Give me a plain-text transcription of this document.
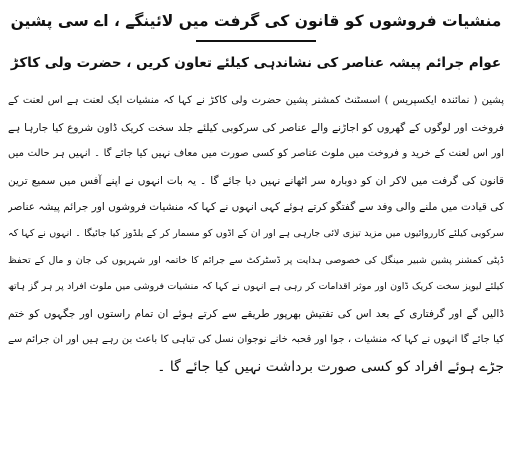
منشیات فروشوں کو قانون کی گرفت میں لائینگے ، اے سی پشین
عوام جرائم پیشہ عناصر کی نشاندہی کیلئے تعاون کریں ، حضرت ولی کاکڑ
پشین ( نمائندہ ایکسپریس ) اسسٹنٹ کمشنر پشین حضرت ولی کاکڑ نے کہا کہ منشیات ایک لعنت ہے اس لعنت کے
فروخت اور لوگوں کے گھروں کو اجاڑنے والے عناصر کی سرکوبی کیلئے جلد سخت کریک ڈاون شروع کیا جارہا ہے
اور اس لعنت کے خرید و فروخت میں ملوث عناصر کو کسی صورت میں معاف نہیں کیا جائے گا ۔ انہیں ہر حالت میں
قانون کی گرفت میں لاکر ان کو دوبارہ سر اٹھانے نہیں دیا جائے گا ۔ یہ بات انہوں نے اپنے آفس میں سمیع ترین
کی قیادت میں ملنے والی وفد سے گفتگو کرتے ہوئے کہی انہوں نے کہا کہ منشیات فروشوں اور جرائم پیشہ عناصر
سرکوبی کیلئے کارروائیوں میں مزید تیزی لائی جارہی ہے اور ان کے اڈوں کو مسمار کر کے بلڈوز کیا جائیگا ۔ انہوں نے کہا کہ
ڈپٹی کمشنر پشین شبیر مینگل کی خصوصی ہدایت پر ڈسٹرکٹ سے جرائم کا خاتمہ اور شہریوں کی جان و مال کے تحفظ
کیلئے لیویز سخت کریک ڈاون اور موثر اقدامات کر رہی ہے انہوں نے کہا کہ منشیات فروشی میں ملوث افراد پر ہر گز ہاتھ
ڈالیں گے اور گرفتاری کے بعد اس کی تفتیش بھرپور طریقے سے کرتے ہوئے ان تمام راستوں اور جگہوں کو ختم
کیا جائے گا انہوں نے کہا کہ منشیات ، جوا اور قحبہ خانے نوجوان نسل کی تباہی کا باعث بن رہے ہیں اور ان جرائم سے
جڑے ہوئے افراد کو کسی صورت برداشت نہیں کیا جائے گا ۔
